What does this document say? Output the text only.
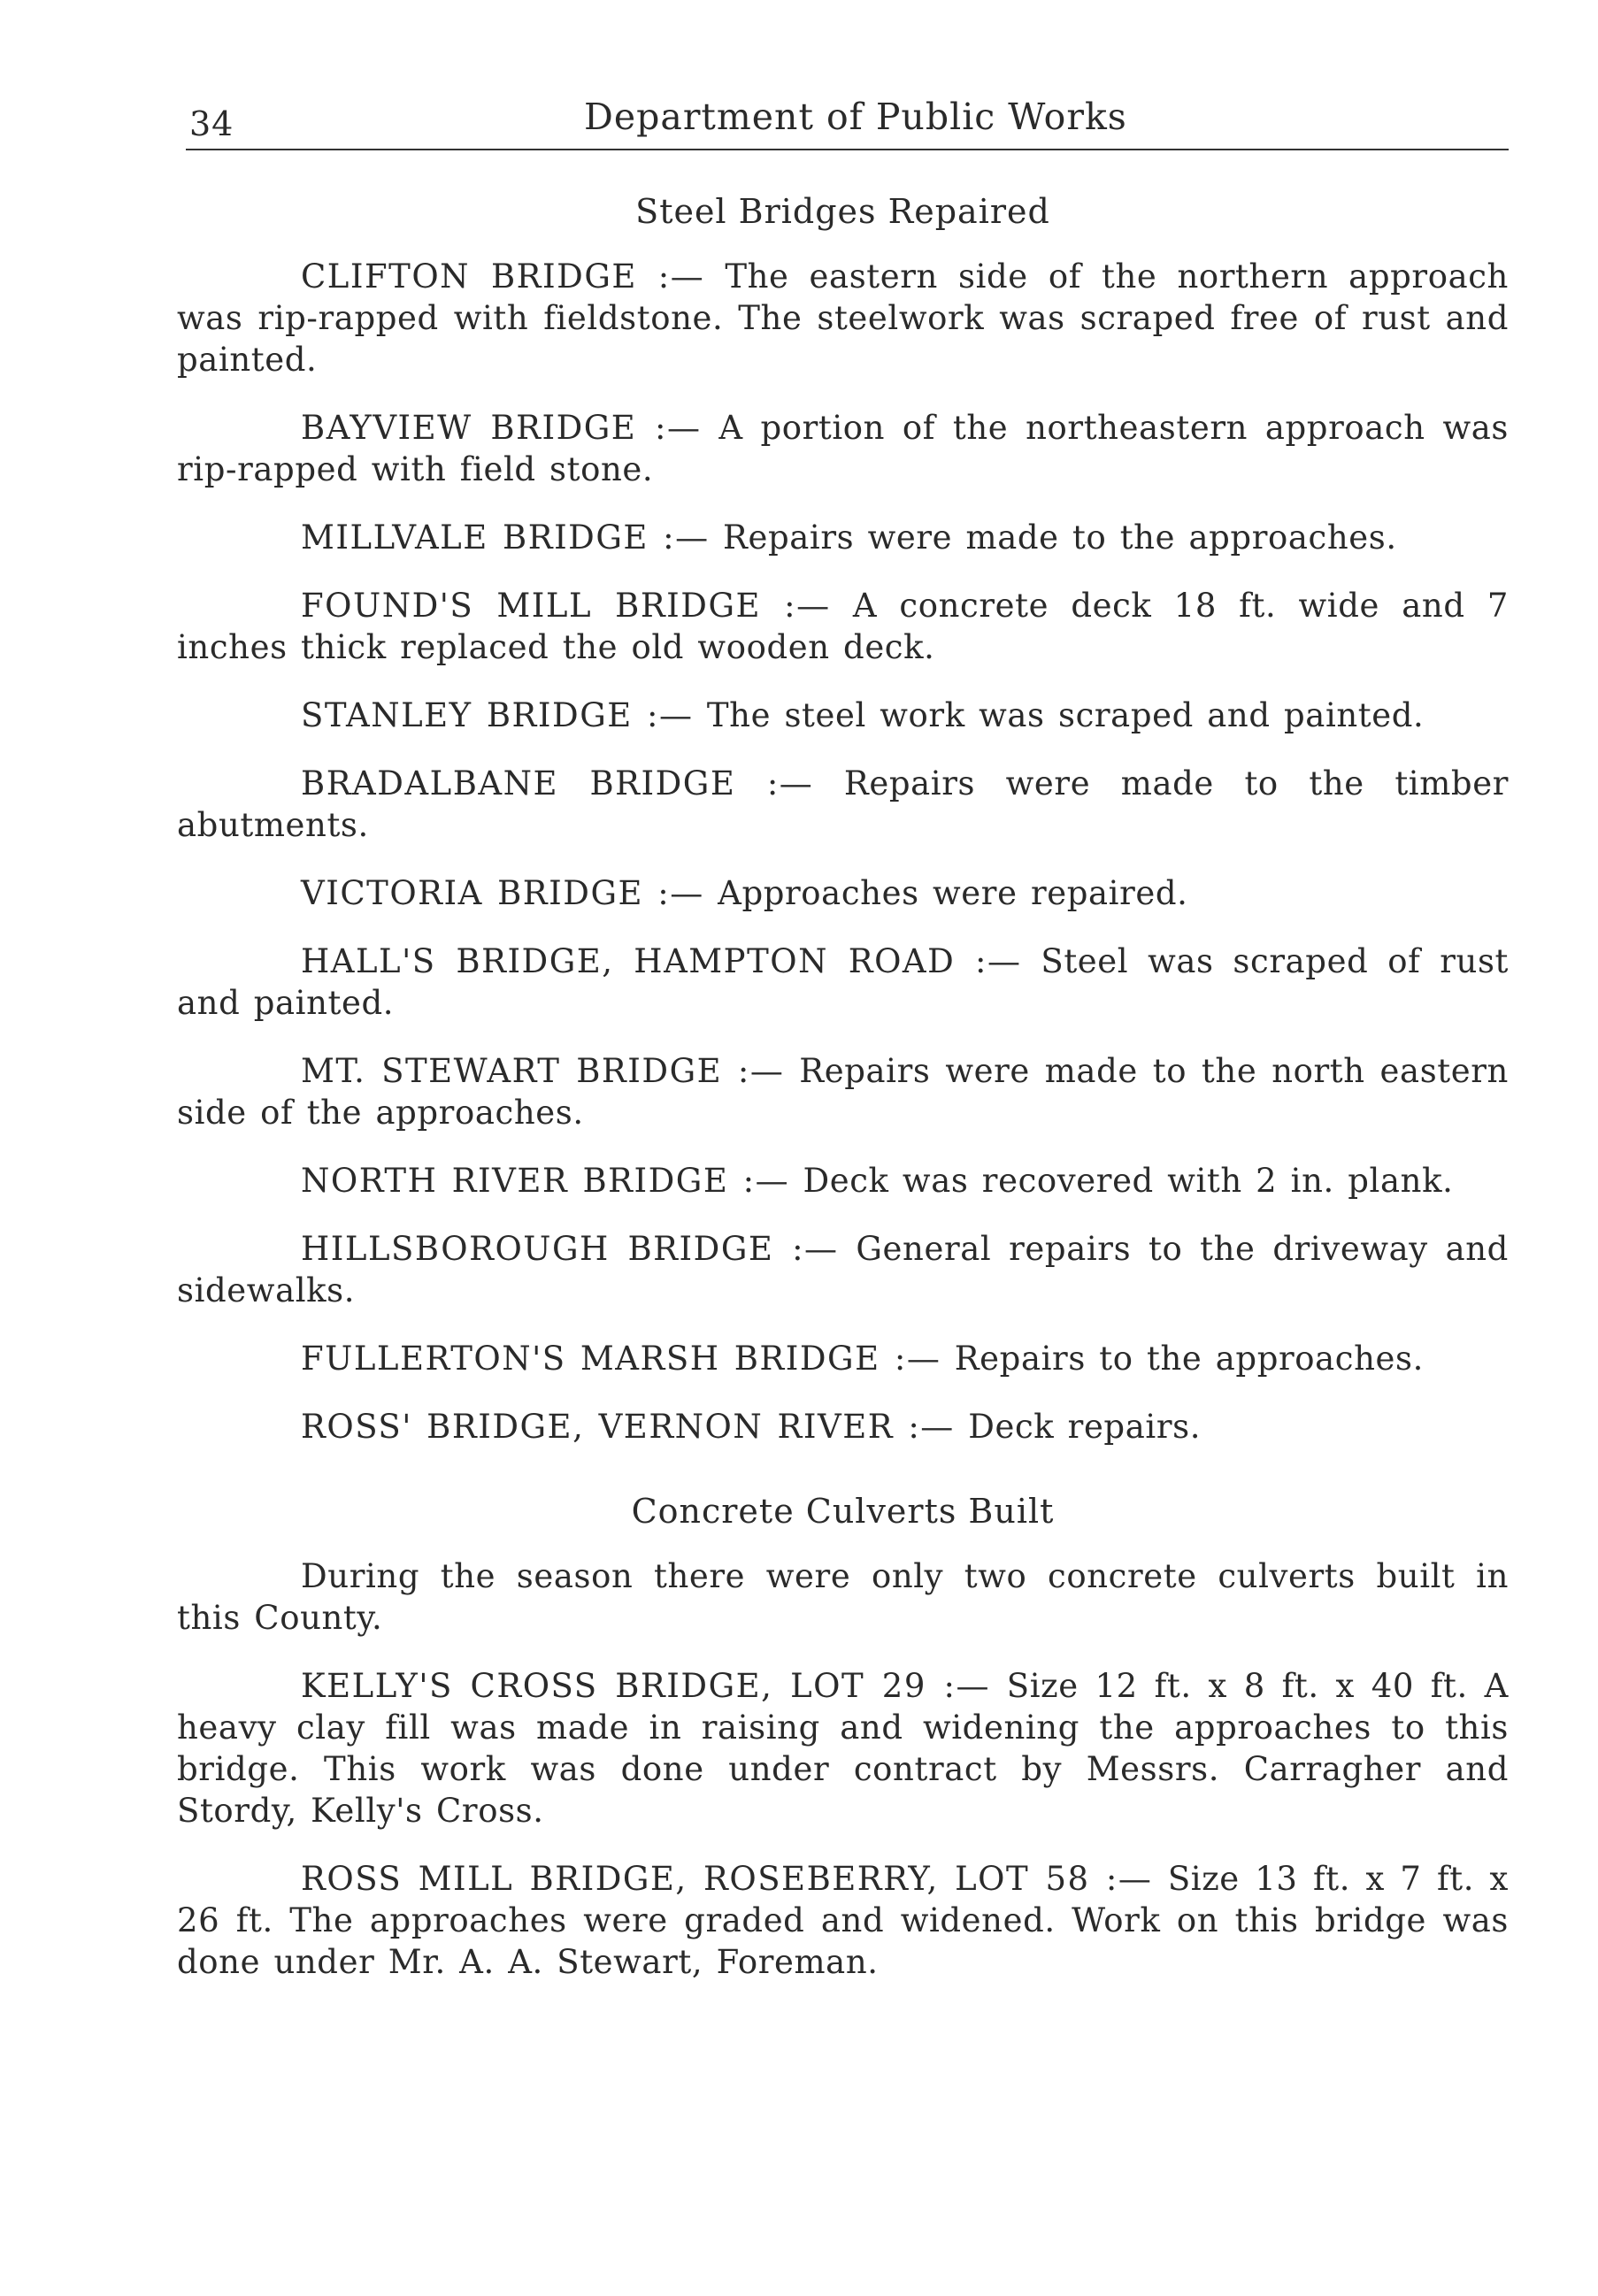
34	Department of Public Works
Steel Bridges Repaired

CLIFTON BRIDGE :— The eastern side of the northern approach was rip-rapped with fieldstone. The steelwork was scraped free of rust and painted.

BAYVIEW BRIDGE :— A portion of the northeastern approach was rip-rapped with field stone.

MILLVALE BRIDGE :— Repairs were made to the approaches.

FOUND'S MILL BRIDGE :— A concrete deck 18 ft. wide and 7 inches thick replaced the old wooden deck.

STANLEY BRIDGE :— The steel work was scraped and painted.

BRADALBANE BRIDGE :— Repairs were made to the timber abutments.

VICTORIA BRIDGE :— Approaches were repaired.

HALL'S BRIDGE, HAMPTON ROAD :— Steel was scraped of rust and painted.

MT. STEWART BRIDGE :— Repairs were made to the north eastern side of the approaches.

NORTH RIVER BRIDGE :— Deck was recovered with 2 in. plank.

HILLSBOROUGH BRIDGE :— General repairs to the driveway and sidewalks.

FULLERTON'S MARSH BRIDGE :— Repairs to the approaches.

ROSS' BRIDGE, VERNON RIVER :— Deck repairs.

Concrete Culverts Built

During the season there were only two concrete culverts built in this County.

KELLY'S CROSS BRIDGE, LOT 29 :— Size 12 ft. x 8 ft. x 40 ft. A heavy clay fill was made in raising and widening the approaches to this bridge. This work was done under contract by Messrs. Carragher and Stordy, Kelly's Cross.

ROSS MILL BRIDGE, ROSEBERRY, LOT 58 :— Size 13 ft. x 7 ft. x 26 ft. The approaches were graded and widened. Work on this bridge was done under Mr. A. A. Stewart, Foreman.
